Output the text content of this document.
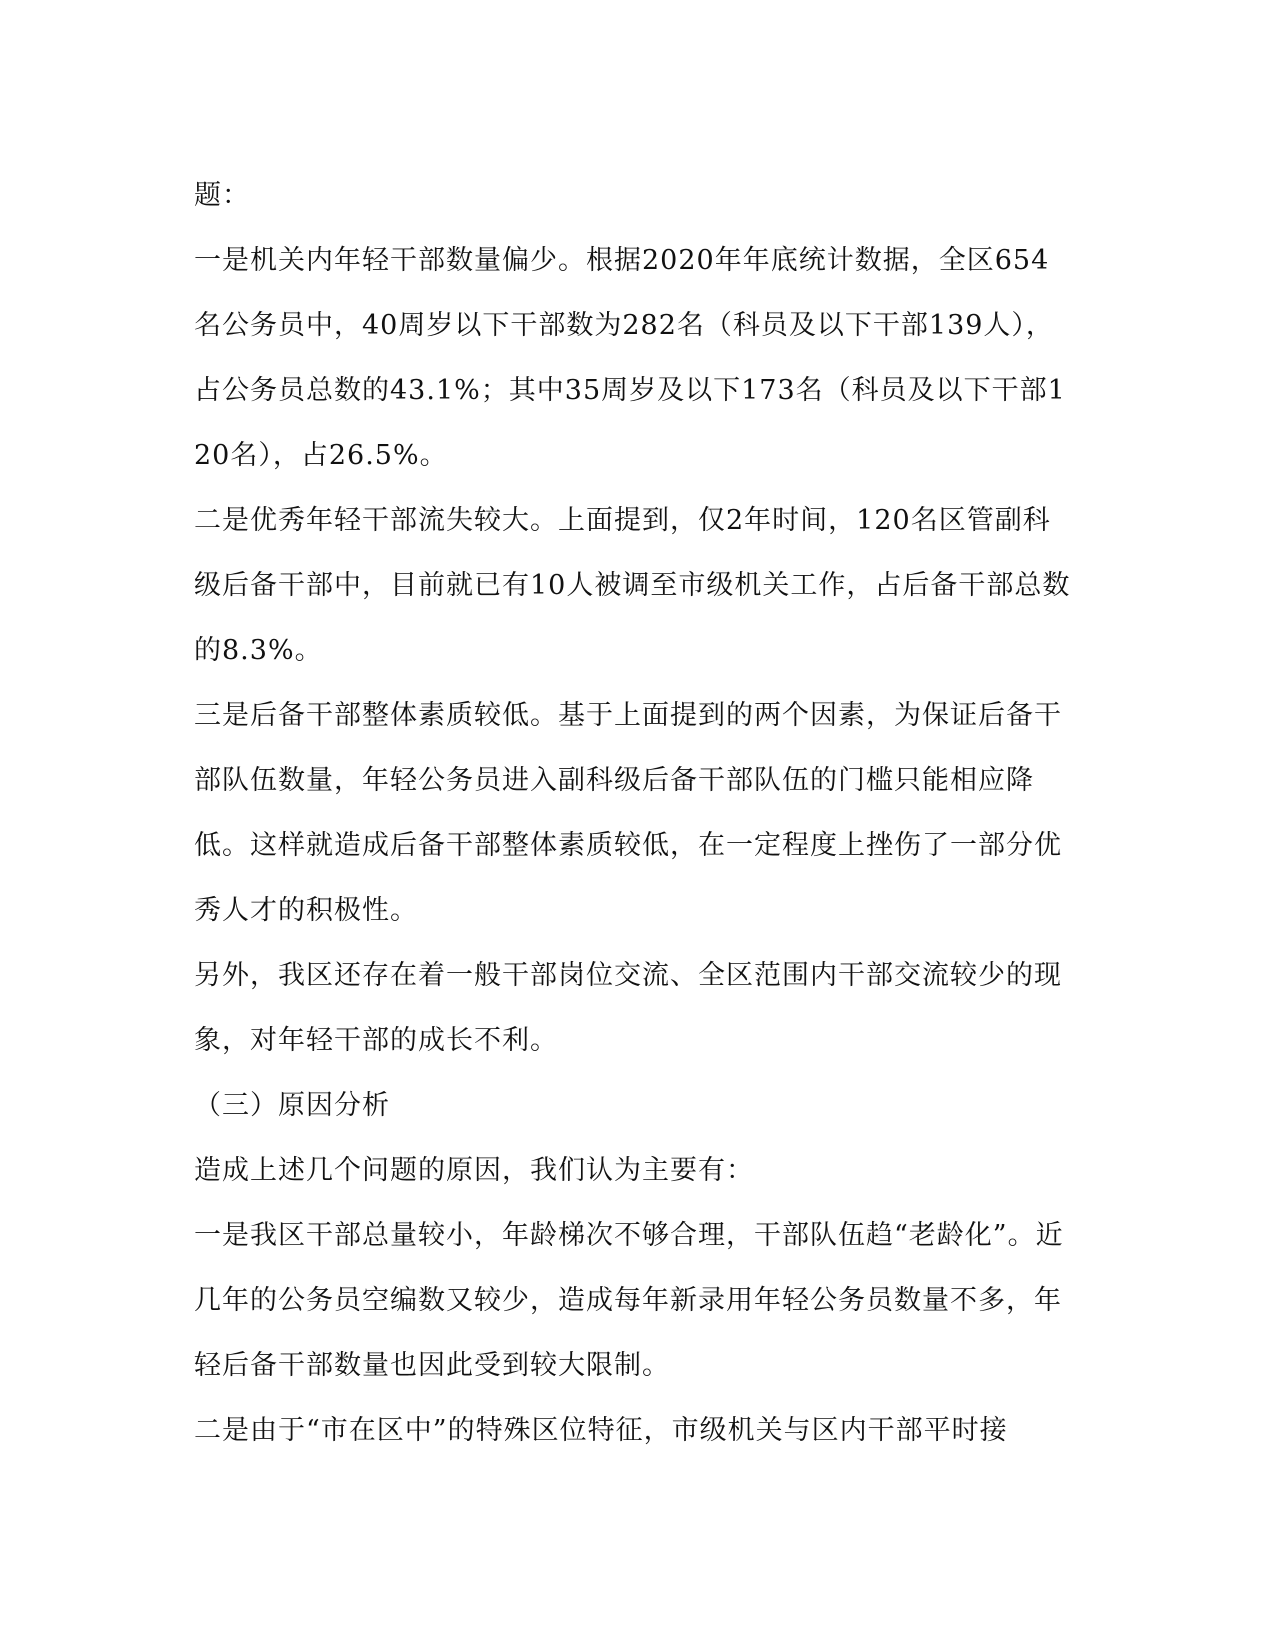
题：

一是机关内年轻干部数量偏少。根据2020年年底统计数据，全区654名公务员中，40周岁以下干部数为282名（科员及以下干部139人），占公务员总数的43.1%；其中35周岁及以下173名（科员及以下干部120名），占26.5%。

二是优秀年轻干部流失较大。上面提到，仅2年时间，120名区管副科级后备干部中，目前就已有10人被调至市级机关工作，占后备干部总数的8.3%。

三是后备干部整体素质较低。基于上面提到的两个因素，为保证后备干部队伍数量，年轻公务员进入副科级后备干部队伍的门槛只能相应降低。这样就造成后备干部整体素质较低，在一定程度上挫伤了一部分优秀人才的积极性。

另外，我区还存在着一般干部岗位交流、全区范围内干部交流较少的现象，对年轻干部的成长不利。

（三）原因分析

造成上述几个问题的原因，我们认为主要有：

一是我区干部总量较小，年龄梯次不够合理，干部队伍趋“老龄化”。近几年的公务员空编数又较少，造成每年新录用年轻公务员数量不多，年轻后备干部数量也因此受到较大限制。

二是由于“市在区中”的特殊区位特征，市级机关与区内干部平时接
